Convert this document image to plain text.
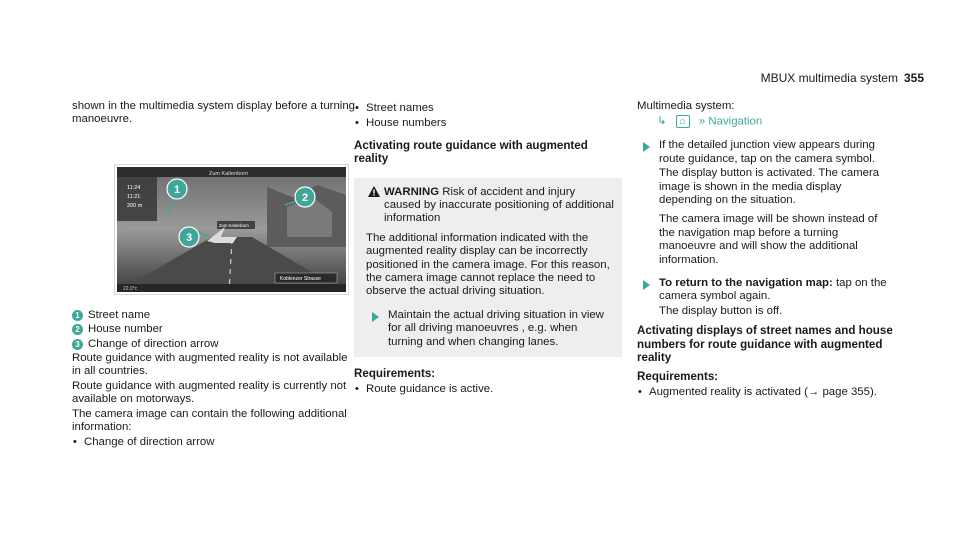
MBUX multimedia system 355

shown in the multimedia system display before a turning manoeuvre.

Zum Kaltenborn
11:24
11:21
200 m
Zum Kaltenborn
Koblenzer Strasse
22.0°c
1
2
3
1 Street name
2 House number
3 Change of direction arrow

Route guidance with augmented reality is not available in all countries.

Route guidance with augmented reality is currently not available on motorways.

The camera image can contain the following additional information:

• Change of direction arrow
• Street names
• House numbers
Activating route guidance with augmented reality
WARNING Risk of accident and injury caused by inaccurate positioning of additional information

The additional information indicated with the augmented reality display can be incorrectly positioned in the camera image. For this reason, the camera image cannot replace the need to observe the actual driving situation.

Maintain the actual driving situation in view for all driving manoeuvres , e.g. when turning and when changing lanes.
Requirements:
• Route guidance is active.

Multimedia system:

↳ ⌂ » Navigation

If the detailed junction view appears during route guidance, tap on the camera symbol.

The display button is activated. The camera image is shown in the media display depending on the situation.

The camera image will be shown instead of the navigation map before a turning manoeuvre and will show the additional information.

To return to the navigation map: tap on the camera symbol again.

The display button is off.

Activating displays of street names and house numbers for route guidance with augmented reality
Requirements:
• Augmented reality is activated (→ page 355).
